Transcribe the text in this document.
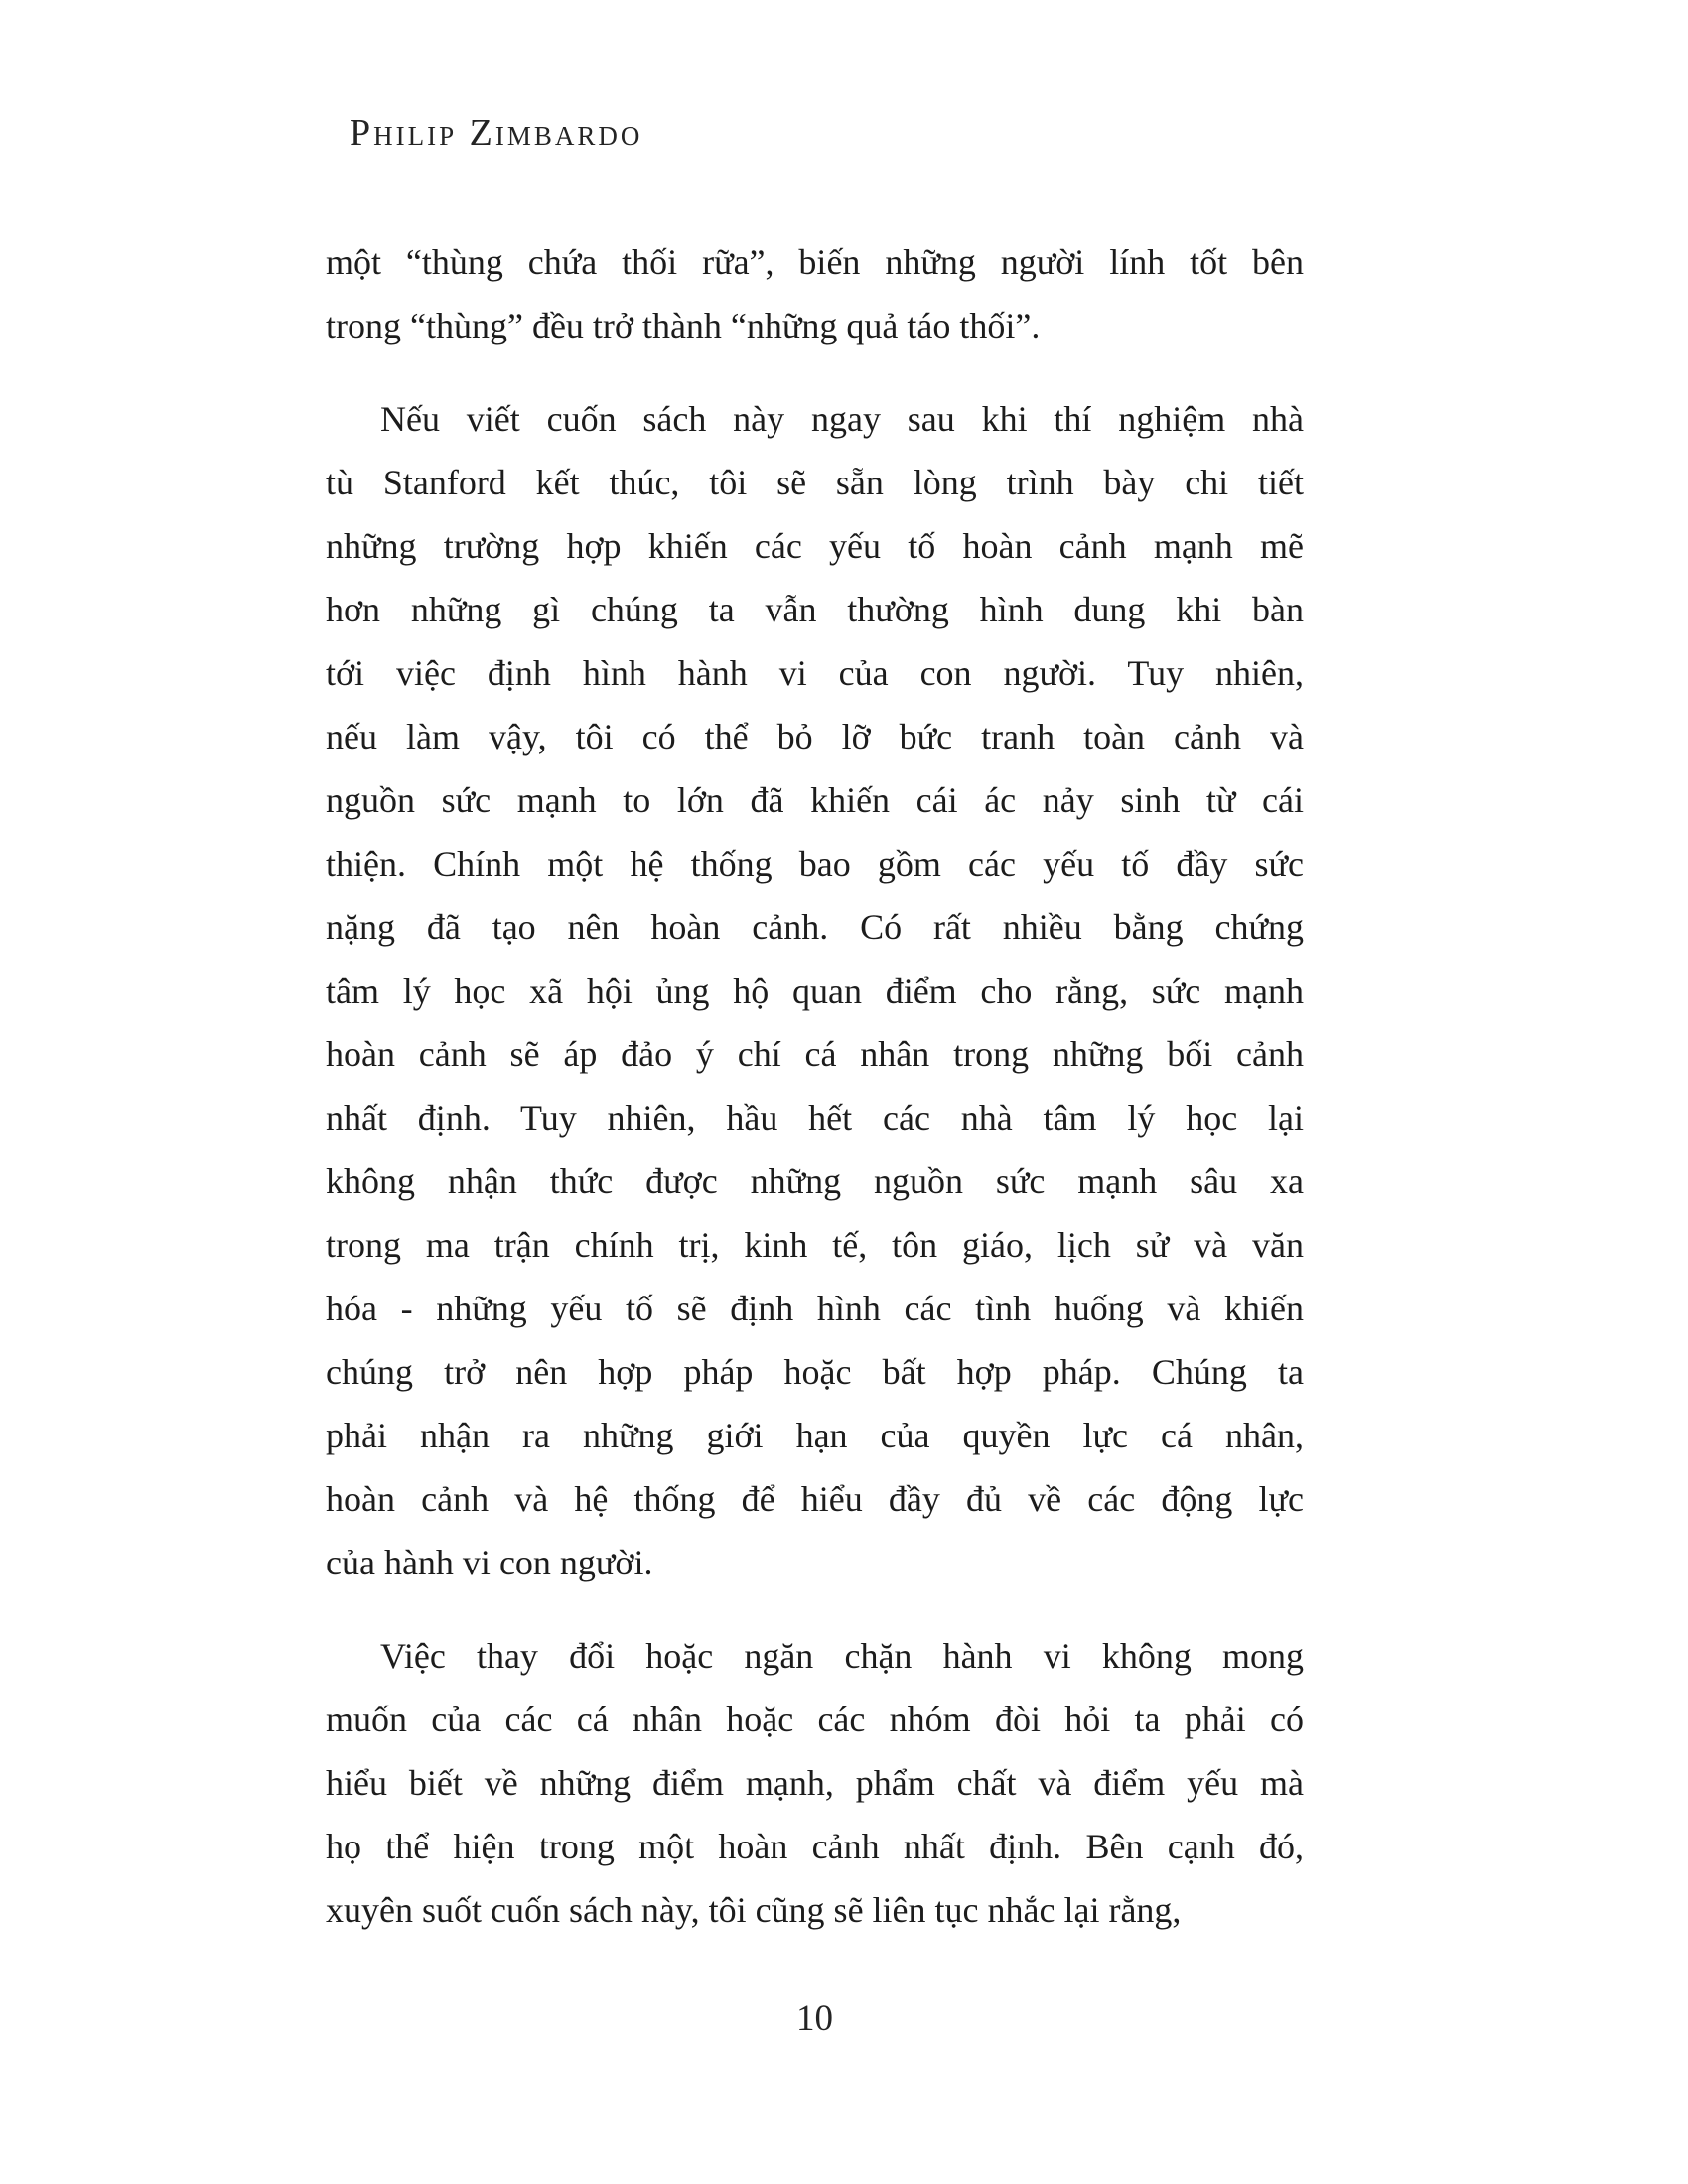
Philip Zimbardo
một “thùng chứa thối rữa”, biến những người lính tốt bên
trong “thùng” đều trở thành “những quả táo thối”.
Nếu viết cuốn sách này ngay sau khi thí nghiệm nhà
tù Stanford kết thúc, tôi sẽ sẵn lòng trình bày chi tiết
những trường hợp khiến các yếu tố hoàn cảnh mạnh mẽ
hơn những gì chúng ta vẫn thường hình dung khi bàn
tới việc định hình hành vi của con người. Tuy nhiên,
nếu làm vậy, tôi có thể bỏ lỡ bức tranh toàn cảnh và
nguồn sức mạnh to lớn đã khiến cái ác nảy sinh từ cái
thiện. Chính một hệ thống bao gồm các yếu tố đầy sức
nặng đã tạo nên hoàn cảnh. Có rất nhiều bằng chứng
tâm lý học xã hội ủng hộ quan điểm cho rằng, sức mạnh
hoàn cảnh sẽ áp đảo ý chí cá nhân trong những bối cảnh
nhất định. Tuy nhiên, hầu hết các nhà tâm lý học lại
không nhận thức được những nguồn sức mạnh sâu xa
trong ma trận chính trị, kinh tế, tôn giáo, lịch sử và văn
hóa - những yếu tố sẽ định hình các tình huống và khiến
chúng trở nên hợp pháp hoặc bất hợp pháp. Chúng ta
phải nhận ra những giới hạn của quyền lực cá nhân,
hoàn cảnh và hệ thống để hiểu đầy đủ về các động lực
của hành vi con người.
Việc thay đổi hoặc ngăn chặn hành vi không mong
muốn của các cá nhân hoặc các nhóm đòi hỏi ta phải có
hiểu biết về những điểm mạnh, phẩm chất và điểm yếu mà
họ thể hiện trong một hoàn cảnh nhất định. Bên cạnh đó,
xuyên suốt cuốn sách này, tôi cũng sẽ liên tục nhắc lại rằng,
10
